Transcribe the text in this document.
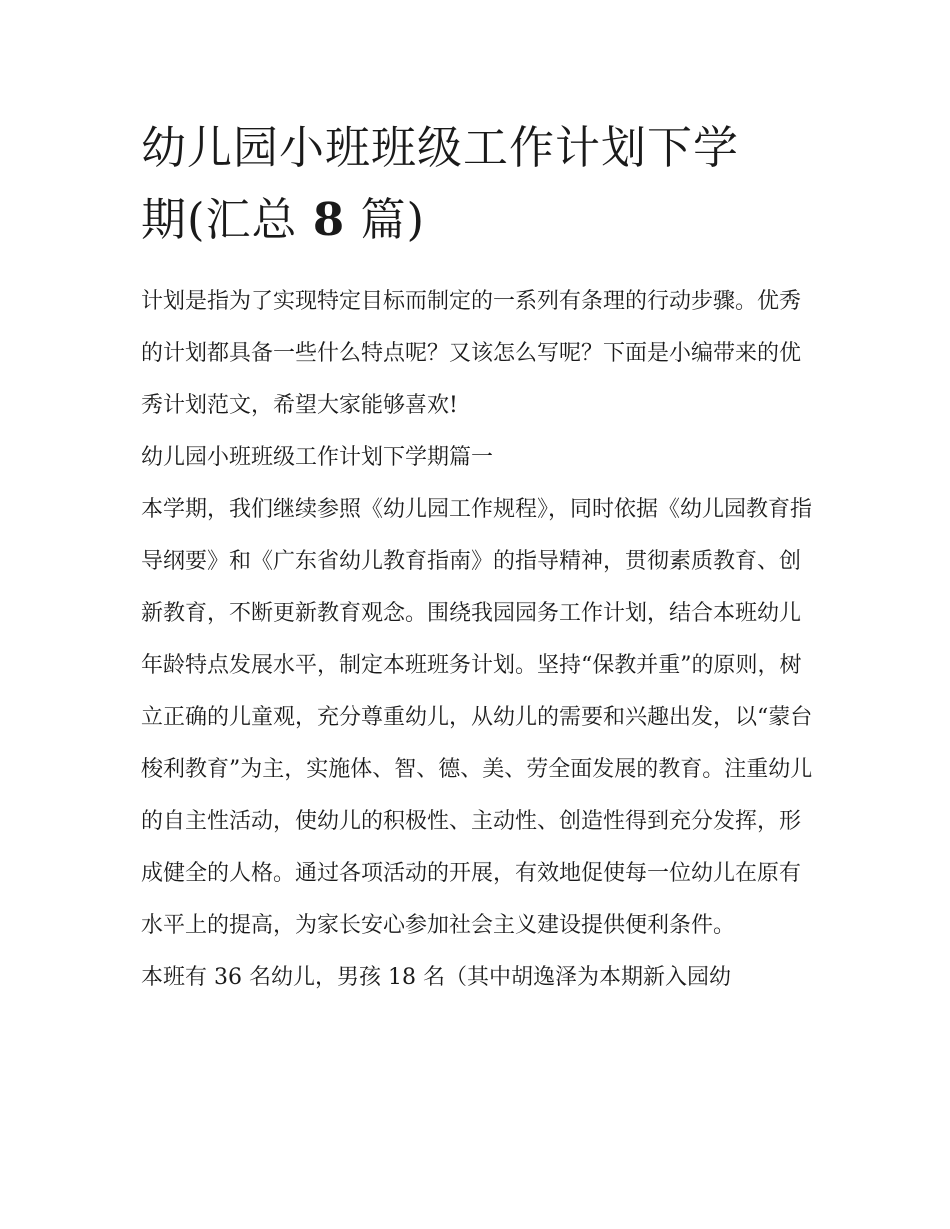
幼儿园小班班级工作计划下学
期(汇总 8 篇)

计划是指为了实现特定目标而制定的一系列有条理的行动步骤。优秀的计划都具备一些什么特点呢？又该怎么写呢？下面是小编带来的优秀计划范文，希望大家能够喜欢!

幼儿园小班班级工作计划下学期篇一

本学期，我们继续参照《幼儿园工作规程》，同时依据《幼儿园教育指导纲要》和《广东省幼儿教育指南》的指导精神，贯彻素质教育、创新教育，不断更新教育观念。围绕我园园务工作计划，结合本班幼儿年龄特点发展水平，制定本班班务计划。坚持“保教并重”的原则，树立正确的儿童观，充分尊重幼儿，从幼儿的需要和兴趣出发，以“蒙台梭利教育”为主，实施体、智、德、美、劳全面发展的教育。注重幼儿的自主性活动，使幼儿的积极性、主动性、创造性得到充分发挥，形成健全的人格。通过各项活动的开展，有效地促使每一位幼儿在原有水平上的提高，为家长安心参加社会主义建设提供便利条件。

本班有 36 名幼儿，男孩 18 名（其中胡逸泽为本期新入园幼
